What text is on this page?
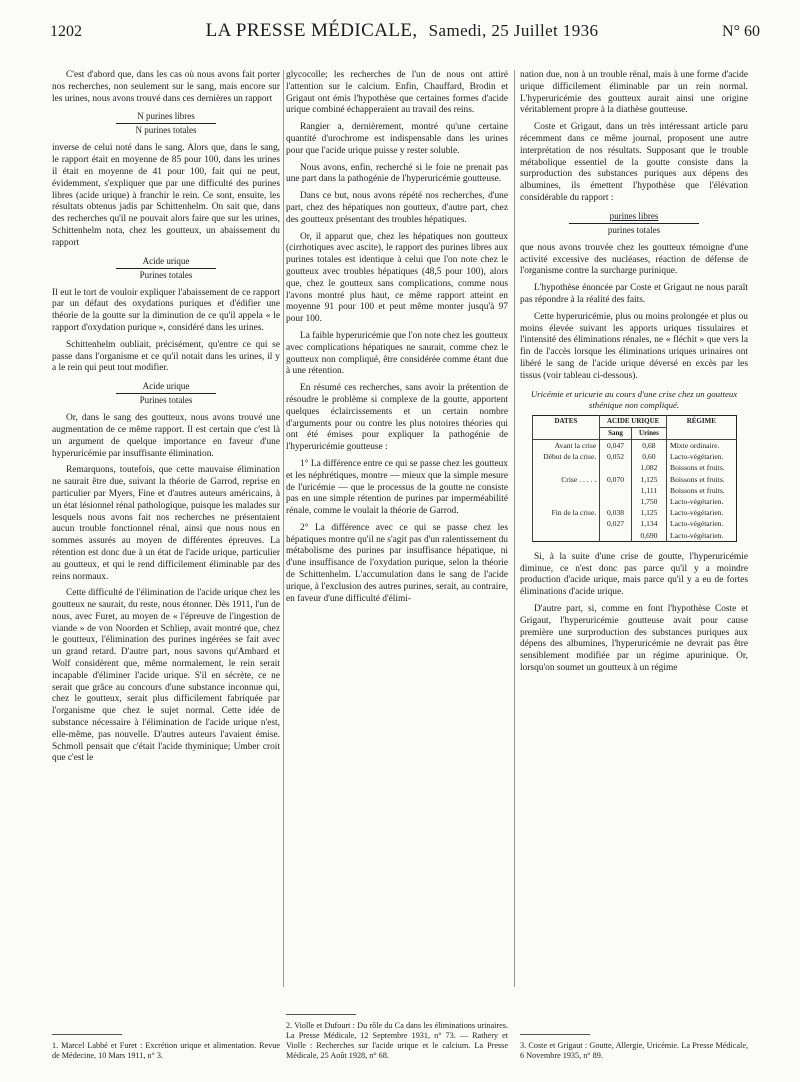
1202	LA PRESSE MÉDICALE, Samedi, 25 Juillet 1936	N° 60

C'est d'abord que, dans les cas où nous avons fait porter nos recherches, non seulement sur le sang, mais encore sur les urines, nous avons trouvé dans ces dernières un rapport

N purines libres
N purines totales

inverse de celui noté dans le sang. Alors que, dans le sang, le rapport était en moyenne de 85 pour 100, dans les urines il était en moyenne de 41 pour 100, fait qui ne peut, évidemment, s'expliquer que par une difficulté des purines libres (acide urique) à franchir le rein. Ce sont, ensuite, les résultats obtenus jadis par Schittenhelm. On sait que, dans des recherches qu'il ne pouvait alors faire que sur les urines, Schittenhelm nota, chez les goutteux, un abaissement du rapport

Acide urique
Purines totales

Il eut le tort de vouloir expliquer l'abaissement de ce rapport par un défaut des oxydations puriques et d'édifier une théorie de la goutte sur la diminution de ce qu'il appela « le rapport d'oxydation purique », considéré dans les urines.

Schittenhelm oubliait, précisément, qu'entre ce qui se passe dans l'organisme et ce qu'il notait dans les urines, il y a le rein qui peut tout modifier.

Acide urique
Purines totales

Or, dans le sang des goutteux, nous avons trouvé une augmentation de ce même rapport. Il est certain que c'est là un argument de quelque importance en faveur d'une hyperuricémie par insuffisante élimination.

Remarquons, toutefois, que cette mauvaise élimination ne saurait être due, suivant la théorie de Garrod, reprise en particulier par Myers, Fine et d'autres auteurs américains, à un état lésionnel rénal pathologique, puisque les malades sur lesquels nous avons fait nos recherches ne présentaient aucun trouble fonctionnel rénal, ainsi que nous nous en sommes assurés au moyen de différentes épreuves. La rétention est donc due à un état de l'acide urique, particulier au goutteux, et qui le rend difficilement éliminable par des reins normaux.

Cette difficulté de l'élimination de l'acide urique chez les goutteux ne saurait, du reste, nous étonner. Dès 1911, l'un de nous, avec Furet, au moyen de « l'épreuve de l'ingestion de viande » de von Noorden et Schliep, avait montré que, chez le goutteux, l'élimination des purines ingérées se fait avec un grand retard. D'autre part, nous savons qu'Ambard et Wolf considèrent que, même normalement, le rein serait incapable d'éliminer l'acide urique. S'il en sécrète, ce ne serait que grâce au concours d'une substance inconnue qui, chez le goutteux, serait plus difficilement fabriquée par l'organisme que chez le sujet normal. Cette idée de substance nécessaire à l'élimination de l'acide urique n'est, elle-même, pas nouvelle. D'autres auteurs l'avaient émise. Schmoll pensait que c'était l'acide thyminique; Umber croit que c'est le

glycocolle; les recherches de l'un de nous ont attiré l'attention sur le calcium. Enfin, Chauffard, Brodin et Grigaut ont émis l'hypothèse que certaines formes d'acide urique combiné échapperaient au travail des reins.

Rangier a, dernièrement, montré qu'une certaine quantité d'urochrome est indispensable dans les urines pour que l'acide urique puisse y rester soluble.

Nous avons, enfin, recherché si le foie ne prenait pas une part dans la pathogénie de l'hyperuricémie goutteuse.

Dans ce but, nous avons répété nos recherches, d'une part, chez des hépatiques non goutteux, d'autre part, chez des goutteux présentant des troubles hépatiques.

Or, il apparut que, chez les hépatiques non goutteux (cirrhotiques avec ascite), le rapport des purines libres aux purines totales est identique à celui que l'on note chez le goutteux avec troubles hépatiques (48,5 pour 100), alors que, chez le goutteux sans complications, comme nous l'avons montré plus haut, ce même rapport atteint en moyenne 91 pour 100 et peut même monter jusqu'à 97 pour 100.

La faible hyperuricémie que l'on note chez les goutteux avec complications hépatiques ne saurait, comme chez le goutteux non compliqué, être considérée comme étant due à une rétention.

En résumé ces recherches, sans avoir la prétention de résoudre le problème si complexe de la goutte, apportent quelques éclaircissements et un certain nombre d'arguments pour ou contre les plus notoires théories qui ont été émises pour expliquer la pathogénie de l'hyperuricémie goutteuse :

1° La différence entre ce qui se passe chez les goutteux et les néphrétiques, montre — mieux que la simple mesure de l'uricémie — que le processus de la goutte ne consiste pas en une simple rétention de purines par imperméabilité rénale, comme le voulait la théorie de Garrod.

2° La différence avec ce qui se passe chez les hépatiques montre qu'il ne s'agit pas d'un ralentissement du métabolisme des purines par insuffisance hépatique, ni d'une insuffisance de l'oxydation purique, selon la théorie de Schittenhelm. L'accumulation dans le sang de l'acide urique, à l'exclusion des autres purines, serait, au contraire, en faveur d'une difficulté d'élimi-

nation due, non à un trouble rénal, mais à une forme d'acide urique difficilement éliminable par un rein normal. L'hyperuricémie des goutteux aurait ainsi une origine véritablement propre à la diathèse goutteuse.

Coste et Grigaut, dans un très intéressant article paru récemment dans ce même journal, proposent une autre interprétation de nos résultats. Supposant que le trouble métabolique essentiel de la goutte consiste dans la surproduction des substances puriques aux dépens des albumines, ils émettent l'hypothèse que l'élévation considérable du rapport :

purines libres
purines totales

que nous avons trouvée chez les goutteux témoigne d'une activité excessive des nucléases, réaction de défense de l'organisme contre la surcharge purinique.

L'hypothèse énoncée par Coste et Grigaut ne nous paraît pas répondre à la réalité des faits.

Cette hyperuricémie, plus ou moins prolongée et plus ou moins élevée suivant les apports uriques tissulaires et l'intensité des éliminations rénales, ne « fléchit » que vers la fin de l'accès lorsque les éliminations uriques urinaires ont libéré le sang de l'acide urique déversé en excès par les tissus (voir tableau ci-dessous).

Uricémie et uricurie au cours d'une crise chez un goutteux sthénique non compliqué.
DATES	ACIDE URIQUE		RÉGIME
	Sang	Urines	
Avant la crise	0,047	0,68	Mixte ordinaire.
Début de la crise.	0,052	0,60	Lacto-végétarien.
		1,082	Boissons et fruits.
Crise . . . . .	0,070	1,125	Boissons et fruits.
		1,111	Boissons et fruits.
		1,750	Lacto-végétarien.
Fin de la crise.	0,038	1,125	Lacto-végétarien.
	0,027	1,134	Lacto-végétarien.
		0,690	Lacto-végétarien.

Si, à la suite d'une crise de goutte, l'hyperuricémie diminue, ce n'est donc pas parce qu'il y a moindre production d'acide urique, mais parce qu'il y a eu de fortes éliminations d'acide urique.

D'autre part, si, comme en font l'hypothèse Coste et Grigaut, l'hyperuricémie goutteuse avait pour cause première une surproduction des substances puriques aux dépens des albumines, l'hyperuricémie ne devrait pas être sensiblement modifiée par un régime apurinique. Or, lorsqu'on soumet un goutteux à un régime

1. Marcel Labbé et Furet : Excrétion urique et alimentation. Revue de Médecine, 10 Mars 1911, n° 3.
2. Violle et Dufourt : Du rôle du Ca dans les éliminations urinaires. La Presse Médicale, 12 Septembre 1931, n° 73. — Rathery et Violle : Recherches sur l'acide urique et le calcium. La Presse Médicale, 25 Août 1928, n° 68.
3. Coste et Grigaut : Goutte, Allergie, Uricémie. La Presse Médicale, 6 Novembre 1935, n° 89.
